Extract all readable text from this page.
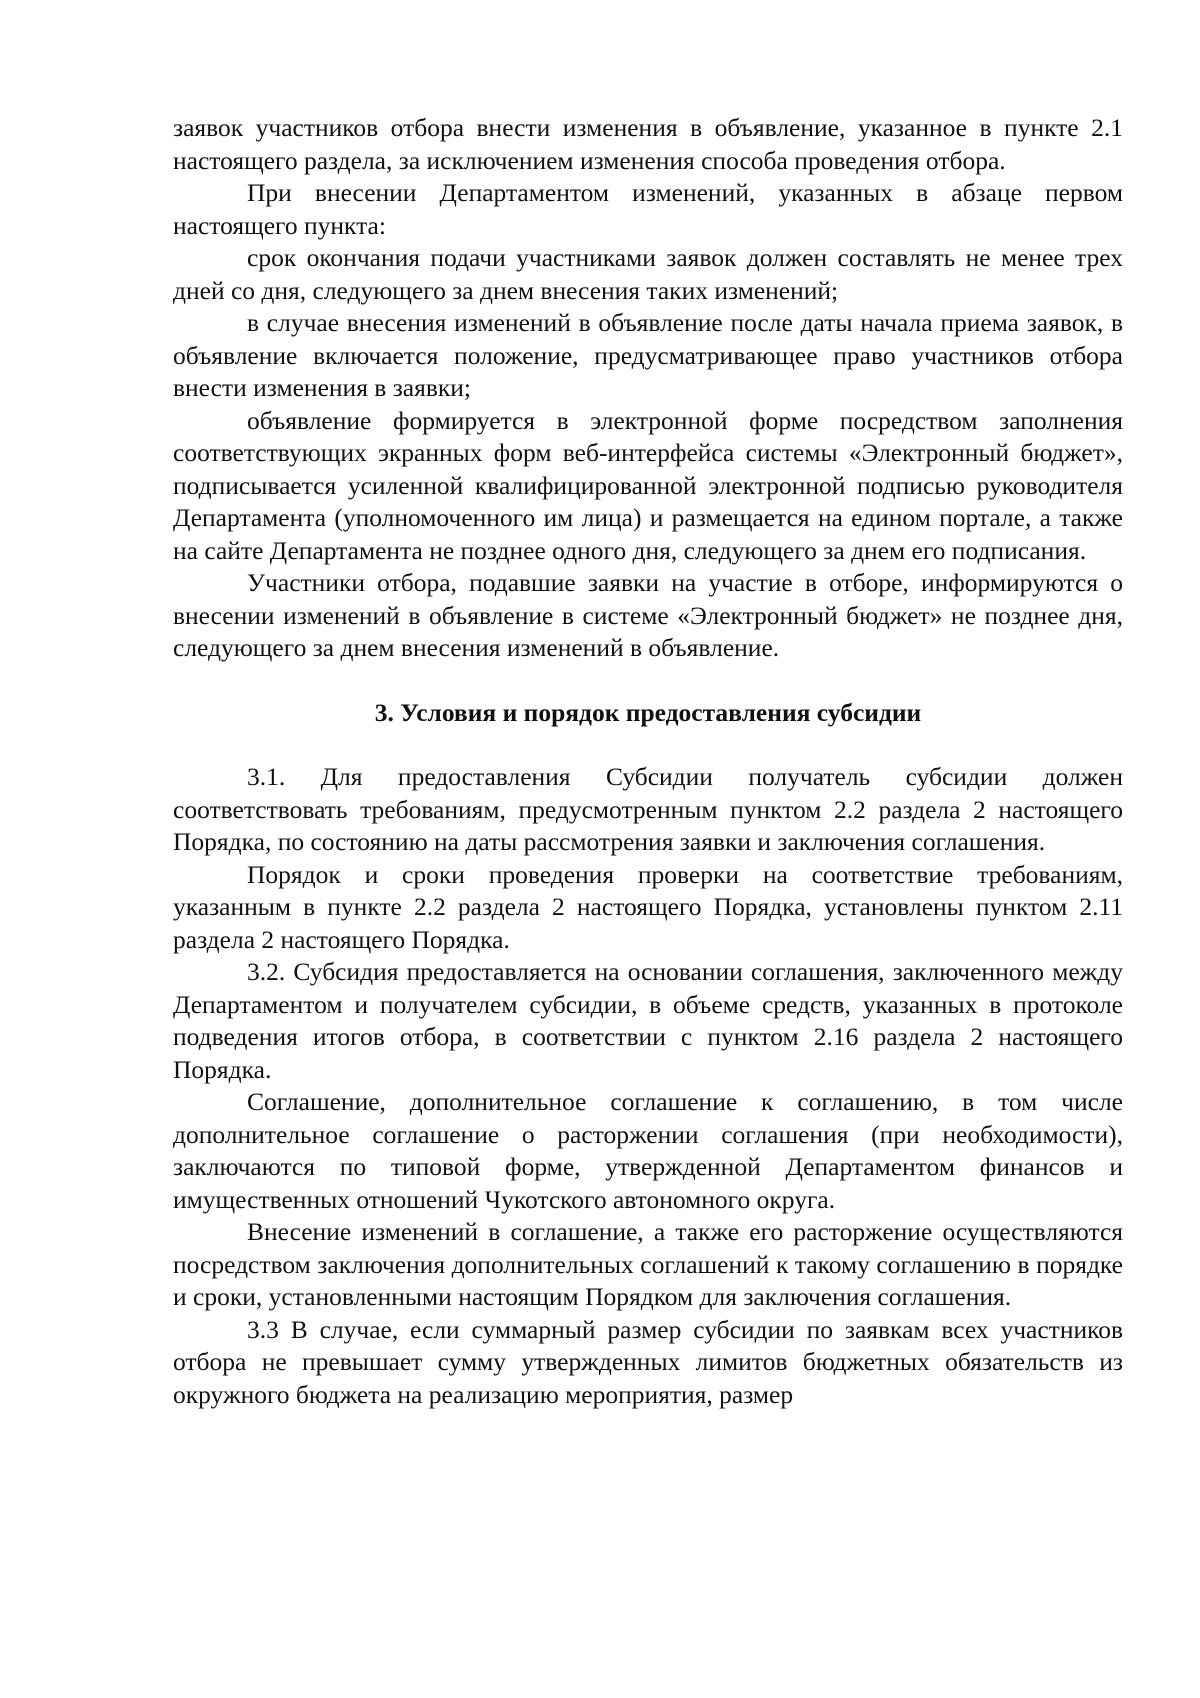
заявок участников отбора внести изменения в объявление, указанное в пункте 2.1 настоящего раздела, за исключением изменения способа проведения отбора.

При внесении Департаментом изменений, указанных в абзаце первом настоящего пункта:

срок окончания подачи участниками заявок должен составлять не менее трех дней со дня, следующего за днем внесения таких изменений;

в случае внесения изменений в объявление после даты начала приема заявок, в объявление включается положение, предусматривающее право участников отбора внести изменения в заявки;

объявление формируется в электронной форме посредством заполнения соответствующих экранных форм веб-интерфейса системы «Электронный бюджет», подписывается усиленной квалифицированной электронной подписью руководителя Департамента (уполномоченного им лица) и размещается на едином портале, а также на сайте Департамента не позднее одного дня, следующего за днем его подписания.

Участники отбора, подавшие заявки на участие в отборе, информируются о внесении изменений в объявление в системе «Электронный бюджет» не позднее дня, следующего за днем внесения изменений в объявление.

3. Условия и порядок предоставления субсидии

3.1. Для предоставления Субсидии получатель субсидии должен соответствовать требованиям, предусмотренным пунктом 2.2 раздела 2 настоящего Порядка, по состоянию на даты рассмотрения заявки и заключения соглашения.

Порядок и сроки проведения проверки на соответствие требованиям, указанным в пункте 2.2 раздела 2 настоящего Порядка, установлены пунктом 2.11 раздела 2 настоящего Порядка.

3.2. Субсидия предоставляется на основании соглашения, заключенного между Департаментом и получателем субсидии, в объеме средств, указанных в протоколе подведения итогов отбора, в соответствии с пунктом 2.16 раздела 2 настоящего Порядка.

Соглашение, дополнительное соглашение к соглашению, в том числе дополнительное соглашение о расторжении соглашения (при необходимости), заключаются по типовой форме, утвержденной Департаментом финансов и имущественных отношений Чукотского автономного округа.

Внесение изменений в соглашение, а также его расторжение осуществляются посредством заключения дополнительных соглашений к такому соглашению в порядке и сроки, установленными настоящим Порядком для заключения соглашения.

3.3 В случае, если суммарный размер субсидии по заявкам всех участников отбора не превышает сумму утвержденных лимитов бюджетных обязательств из окружного бюджета на реализацию мероприятия, размер
